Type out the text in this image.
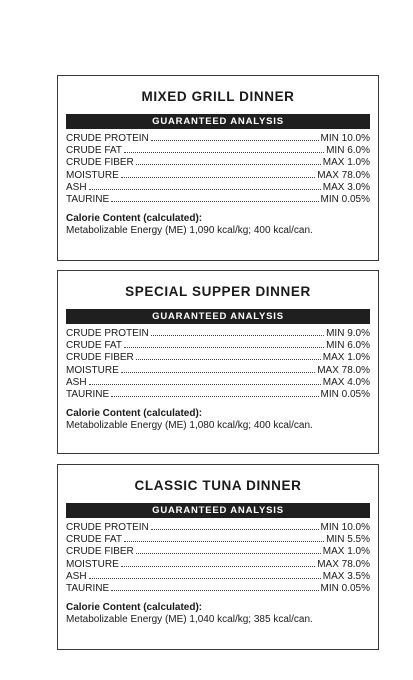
MIXED GRILL DINNER
GUARANTEED ANALYSIS
CRUDE PROTEIN	MIN 10.0%
CRUDE FAT	MIN 6.0%
CRUDE FIBER	MAX 1.0%
MOISTURE	MAX 78.0%
ASH	MAX 3.0%
TAURINE	MIN 0.05%
Calorie Content (calculated):
Metabolizable Energy (ME) 1,090 kcal/kg; 400 kcal/can.
SPECIAL SUPPER DINNER
GUARANTEED ANALYSIS
CRUDE PROTEIN	MIN 9.0%
CRUDE FAT	MIN 6.0%
CRUDE FIBER	MAX 1.0%
MOISTURE	MAX 78.0%
ASH	MAX 4.0%
TAURINE	MIN 0.05%
Calorie Content (calculated):
Metabolizable Energy (ME) 1,080 kcal/kg; 400 kcal/can.
CLASSIC TUNA DINNER
GUARANTEED ANALYSIS
CRUDE PROTEIN	MIN 10.0%
CRUDE FAT	MIN 5.5%
CRUDE FIBER	MAX 1.0%
MOISTURE	MAX 78.0%
ASH	MAX 3.5%
TAURINE	MIN 0.05%
Calorie Content (calculated):
Metabolizable Energy (ME) 1,040 kcal/kg; 385 kcal/can.
